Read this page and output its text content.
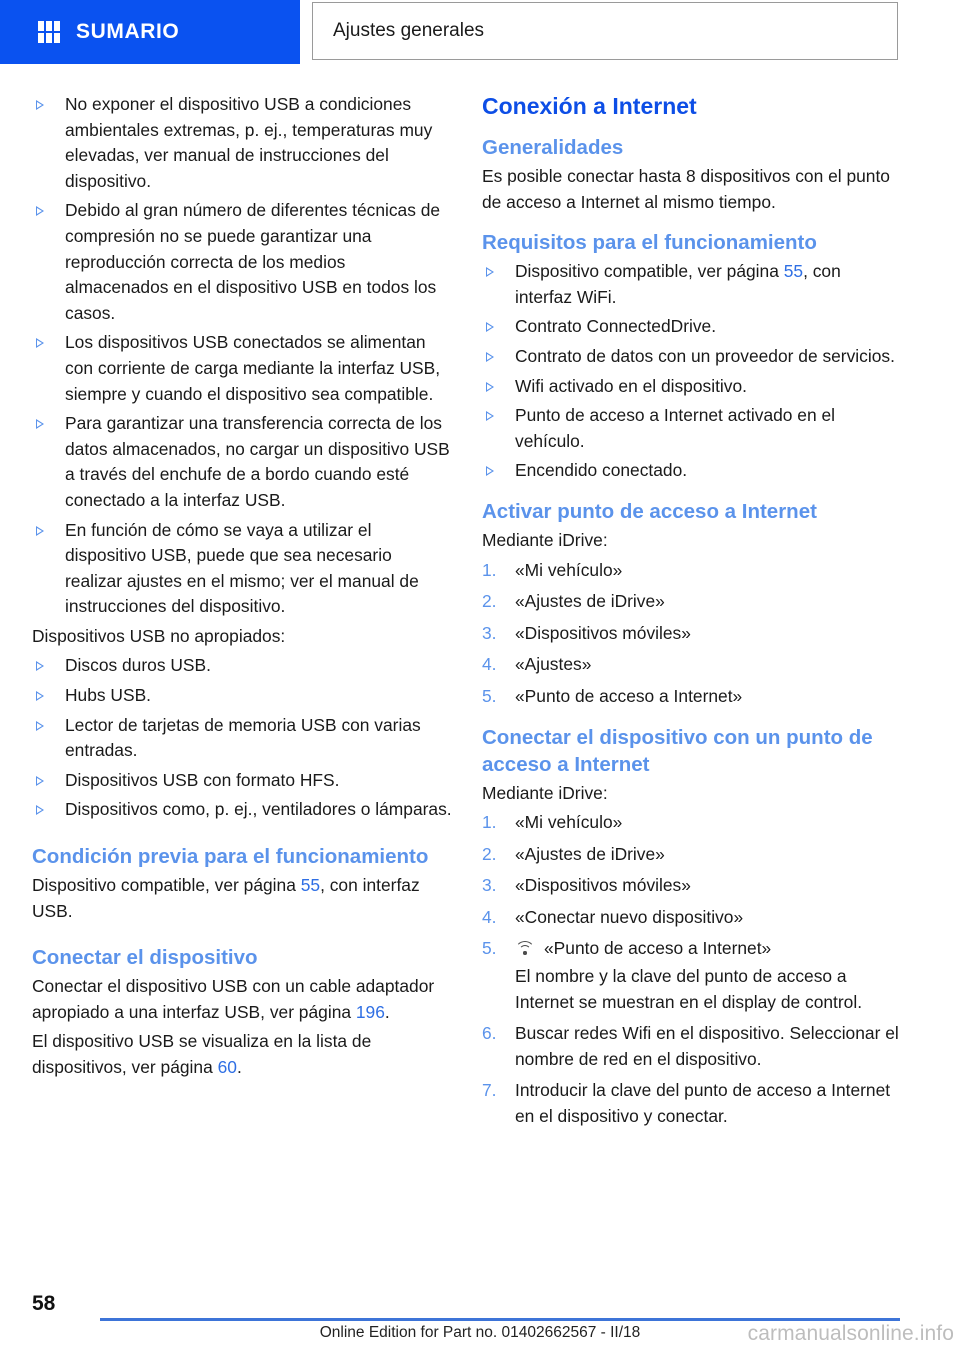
SUMARIO	Ajustes generales
No exponer el dispositivo USB a condiciones ambientales extremas, p. ej., temperaturas muy elevadas, ver manual de instrucciones del dispositivo.
Debido al gran número de diferentes técnicas de compresión no se puede garantizar una reproducción correcta de los medios almacenados en el dispositivo USB en todos los casos.
Los dispositivos USB conectados se alimentan con corriente de carga mediante la interfaz USB, siempre y cuando el dispositivo sea compatible.
Para garantizar una transferencia correcta de los datos almacenados, no cargar un dispositivo USB a través del enchufe de a bordo cuando esté conectado a la interfaz USB.
En función de cómo se vaya a utilizar el dispositivo USB, puede que sea necesario realizar ajustes en el mismo; ver el manual de instrucciones del dispositivo.

Dispositivos USB no apropiados:

Discos duros USB.
Hubs USB.
Lector de tarjetas de memoria USB con varias entradas.
Dispositivos USB con formato HFS.
Dispositivos como, p. ej., ventiladores o lámparas.
Condición previa para el funcionamiento

Dispositivo compatible, ver página 55, con interfaz USB.

Conectar el dispositivo

Conectar el dispositivo USB con un cable adaptador apropiado a una interfaz USB, ver página 196.

El dispositivo USB se visualiza en la lista de dispositivos, ver página 60.

Conexión a Internet
Generalidades

Es posible conectar hasta 8 dispositivos con el punto de acceso a Internet al mismo tiempo.

Requisitos para el funcionamiento
Dispositivo compatible, ver página 55, con interfaz WiFi.
Contrato ConnectedDrive.
Contrato de datos con un proveedor de servicios.
Wifi activado en el dispositivo.
Punto de acceso a Internet activado en el vehículo.
Encendido conectado.
Activar punto de acceso a Internet

Mediante iDrive:

1. «Mi vehículo»
2. «Ajustes de iDrive»
3. «Dispositivos móviles»
4. «Ajustes»
5. «Punto de acceso a Internet»
Conectar el dispositivo con un punto de acceso a Internet

Mediante iDrive:

1. «Mi vehículo»
2. «Ajustes de iDrive»
3. «Dispositivos móviles»
4. «Conectar nuevo dispositivo»
5.	«Punto de acceso a Internet»
El nombre y la clave del punto de acceso a Internet se muestran en el display de control.
6. Buscar redes Wifi en el dispositivo. Seleccionar el nombre de red en el dispositivo.
7. Introducir la clave del punto de acceso a Internet en el dispositivo y conectar.
58
Online Edition for Part no. 01402662567 - II/18	carmanualsonline.info
